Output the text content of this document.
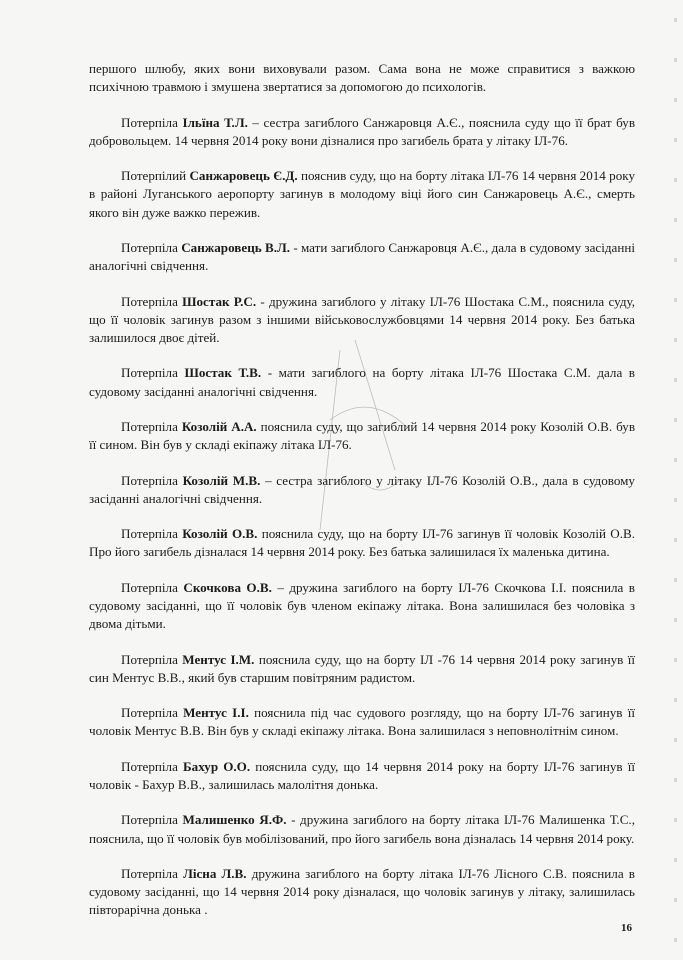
першого шлюбу, яких вони виховували разом. Сама вона не може справитися з важкою психічною травмою і змушена звертатися за допомогою до психологів.

Потерпіла Ільїна Т.Л. – сестра загиблого Санжаровця А.Є., пояснила суду що її брат був добровольцем. 14 червня 2014 року вони дізналися про загибель брата у літаку ІЛ-76.

Потерпілий Санжаровець Є.Д. пояснив суду, що на борту літака ІЛ-76 14 червня 2014 року в районі Луганського аеропорту загинув в молодому віці його син Санжаровець А.Є., смерть якого він дуже важко пережив.

Потерпіла Санжаровець В.Л. - мати загиблого Санжаровця А.Є., дала в судовому засіданні аналогічні свідчення.

Потерпіла Шостак Р.С. - дружина загиблого у літаку ІЛ-76 Шостака С.М., пояснила суду, що її чоловік загинув разом з іншими військовослужбовцями 14 червня 2014 року. Без батька залишилося двоє дітей.

Потерпіла Шостак Т.В. - мати загиблого на борту літака ІЛ-76 Шостака С.М. дала в судовому засіданні аналогічні свідчення.

Потерпіла Козолій А.А. пояснила суду, що загиблий 14 червня 2014 року Козолій О.В. був її сином. Він був у складі екіпажу літака ІЛ-76.

Потерпіла Козолій М.В. – сестра загиблого у літаку ІЛ-76 Козолій О.В., дала в судовому засіданні аналогічні свідчення.

Потерпіла Козолій О.В. пояснила суду, що на борту ІЛ-76 загинув її чоловік Козолій О.В. Про його загибель дізналася 14 червня 2014 року. Без батька залишилася їх маленька дитина.

Потерпіла Скочкова О.В. – дружина загиблого на борту ІЛ-76 Скочкова І.І. пояснила в судовому засіданні, що її чоловік був членом екіпажу літака. Вона залишилася без чоловіка з двома дітьми.

Потерпіла Ментус І.М. пояснила суду, що на борту ІЛ -76 14 червня 2014 року загинув її син Ментус В.В., який був старшим повітряним радистом.

Потерпіла Ментус І.І. пояснила під час судового розгляду, що на борту ІЛ-76 загинув її чоловік Ментус В.В. Він був у складі екіпажу літака. Вона залишилася з неповнолітнім сином.

Потерпіла Бахур О.О. пояснила суду, що 14 червня 2014 року на борту ІЛ-76 загинув її чоловік - Бахур В.В., залишилась малолітня донька.

Потерпіла Малишенко Я.Ф. - дружина загиблого на борту літака ІЛ-76 Малишенка Т.С., пояснила, що її чоловік був мобілізований, про його загибель вона дізналась 14 червня 2014 року.

Потерпіла Лісна Л.В. дружина загиблого на борту літака ІЛ-76 Лісного С.В. пояснила в судовому засіданні, що 14 червня 2014 року дізналася, що чоловік загинув у літаку, залишилась півторарічна донька .

16
